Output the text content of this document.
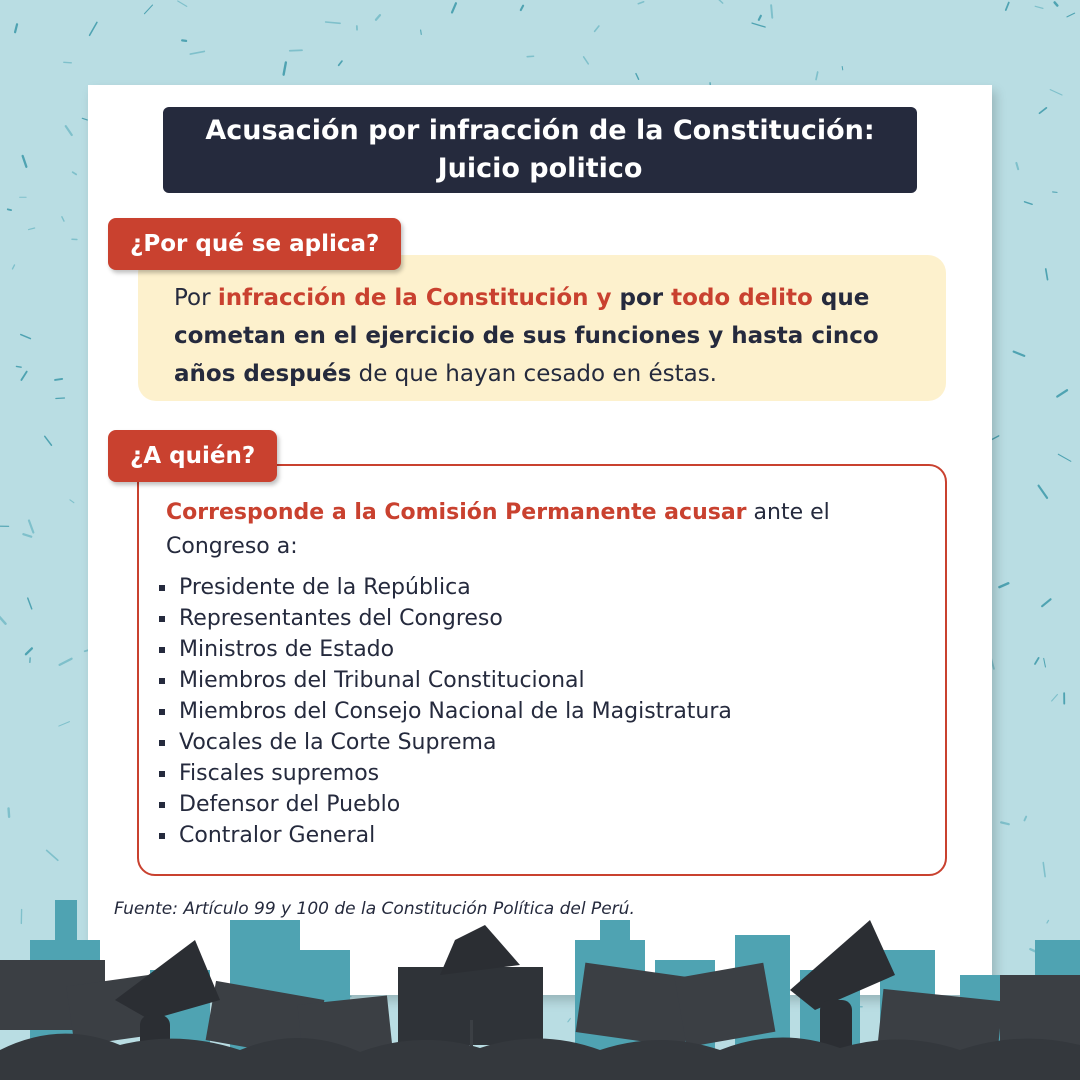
Acusación por infracción de la Constitución:
Juicio politico
¿Por qué se aplica?
Por infracción de la Constitución y por todo delito que cometan en el ejercicio de sus funciones y hasta cinco años después de que hayan cesado en éstas.
¿A quién?
Corresponde a la Comisión Permanente acusar ante el Congreso a:
Presidente de la República
Representantes del Congreso
Ministros de Estado
Miembros del Tribunal Constitucional
Miembros del Consejo Nacional de la Magistratura
Vocales de la Corte Suprema
Fiscales supremos
Defensor del Pueblo
Contralor General
Fuente: Artículo 99 y 100 de la Constitución Política del Perú.
